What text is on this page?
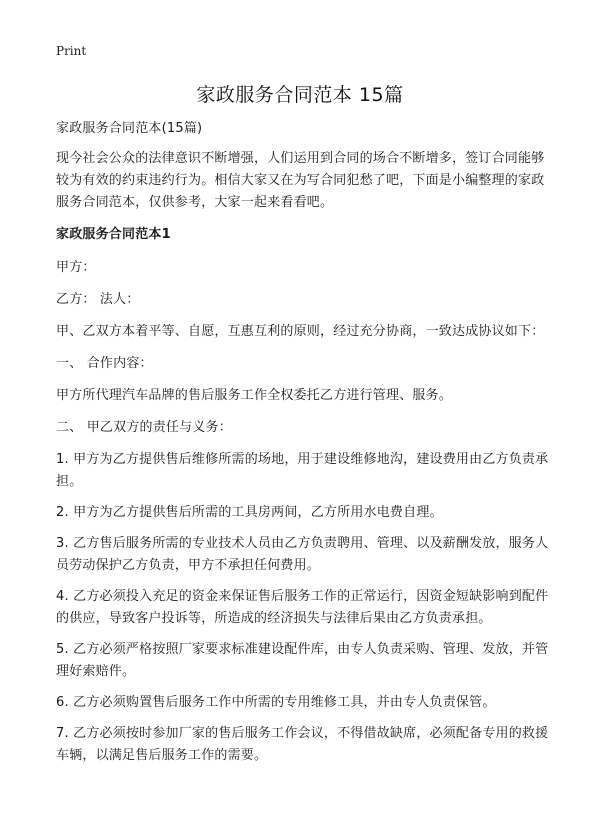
Print
家政服务合同范本 15篇

家政服务合同范本(15篇)

现今社会公众的法律意识不断增强，人们运用到合同的场合不断增多，签订合同能够较为有效的约束违约行为。相信大家又在为写合同犯愁了吧，下面是小编整理的家政服务合同范本，仅供参考，大家一起来看看吧。

家政服务合同范本1

甲方：

乙方： 法人：

甲、乙双方本着平等、自愿，互惠互利的原则，经过充分协商，一致达成协议如下：

一、 合作内容：

甲方所代理汽车品牌的售后服务工作全权委托乙方进行管理、服务。

二、 甲乙双方的责任与义务：

1. 甲方为乙方提供售后维修所需的场地，用于建设维修地沟，建设费用由乙方负责承担。

2. 甲方为乙方提供售后所需的工具房两间，乙方所用水电费自理。

3. 乙方售后服务所需的专业技术人员由乙方负责聘用、管理、以及薪酬发放，服务人员劳动保护乙方负责，甲方不承担任何费用。

4. 乙方必须投入充足的资金来保证售后服务工作的正常运行，因资金短缺影响到配件的供应，导致客户投诉等，所造成的经济损失与法律后果由乙方负责承担。

5. 乙方必须严格按照厂家要求标准建设配件库，由专人负责采购、管理、发放，并管理好索赔件。

6. 乙方必须购置售后服务工作中所需的专用维修工具，并由专人负责保管。

7. 乙方必须按时参加厂家的售后服务工作会议，不得借故缺席，必须配备专用的救援车辆，以满足售后服务工作的需要。
